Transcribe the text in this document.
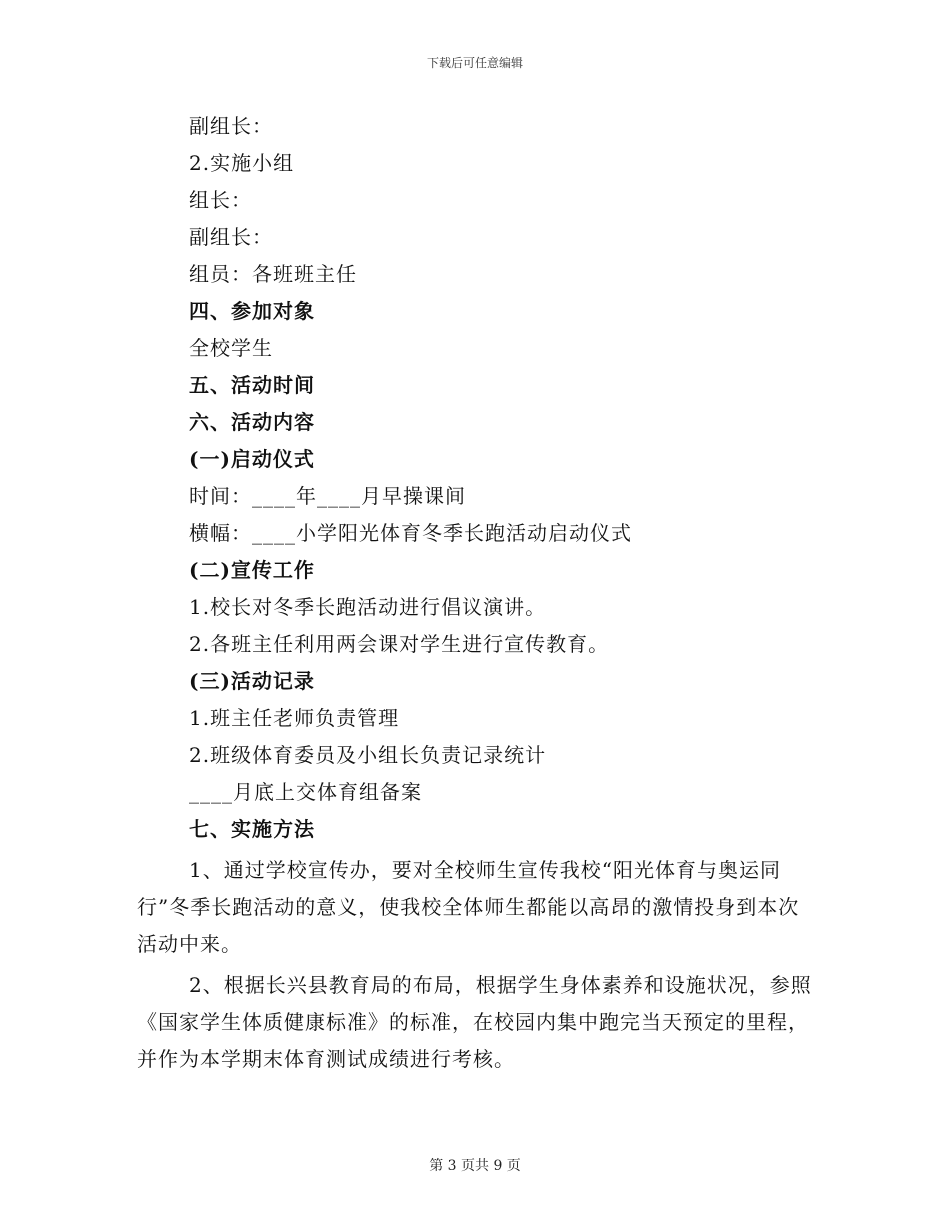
下载后可任意编辑
副组长：
2.实施小组
组长：
副组长：
组员：各班班主任
四、参加对象
全校学生
五、活动时间
六、活动内容
(一)启动仪式
时间：____年____月早操课间
横幅：____小学阳光体育冬季长跑活动启动仪式
(二)宣传工作
1.校长对冬季长跑活动进行倡议演讲。
2.各班主任利用两会课对学生进行宣传教育。
(三)活动记录
1.班主任老师负责管理
2.班级体育委员及小组长负责记录统计
____月底上交体育组备案
七、实施方法
1、通过学校宣传办，要对全校师生宣传我校“阳光体育与奥运同行”冬季长跑活动的意义，使我校全体师生都能以高昂的激情投身到本次活动中来。
2、根据长兴县教育局的布局，根据学生身体素养和设施状况，参照《国家学生体质健康标准》的标准，在校园内集中跑完当天预定的里程，并作为本学期末体育测试成绩进行考核。
第 3 页共 9 页
